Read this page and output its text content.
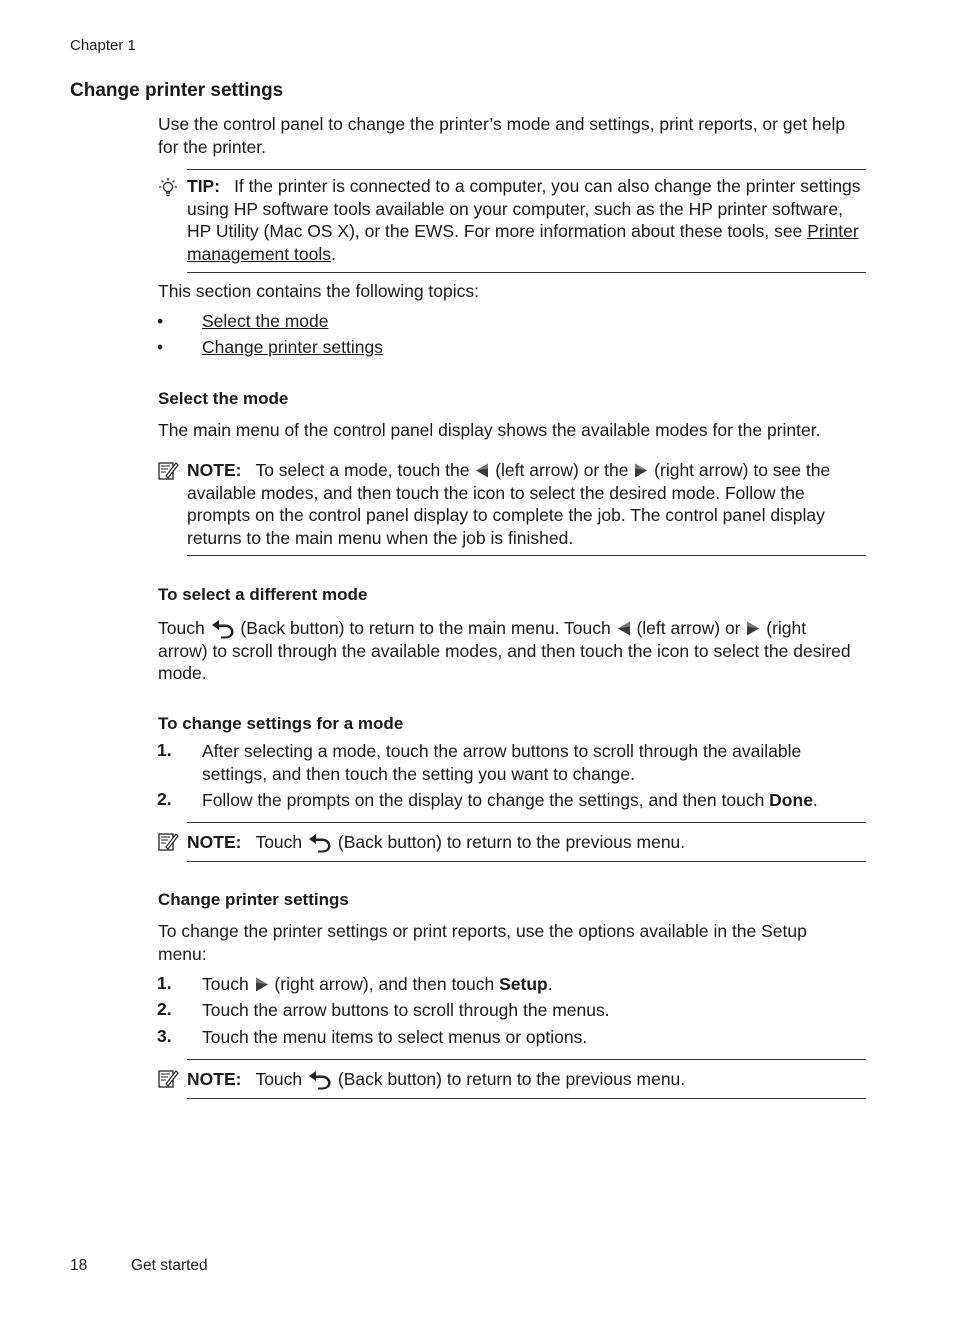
Chapter 1
Change printer settings
Use the control panel to change the printer’s mode and settings, print reports, or get help for the printer.
TIP: If the printer is connected to a computer, you can also change the printer settings using HP software tools available on your computer, such as the HP printer software, HP Utility (Mac OS X), or the EWS. For more information about these tools, see Printer management tools.
This section contains the following topics:
• Select the mode
• Change printer settings
Select the mode
The main menu of the control panel display shows the available modes for the printer.
NOTE: To select a mode, touch the  (left arrow) or the  (right arrow) to see the available modes, and then touch the icon to select the desired mode. Follow the prompts on the control panel display to complete the job. The control panel display returns to the main menu when the job is finished.
To select a different mode
Touch  (Back button) to return to the main menu. Touch  (left arrow) or  (right arrow) to scroll through the available modes, and then touch the icon to select the desired mode.
To change settings for a mode
1. After selecting a mode, touch the arrow buttons to scroll through the available settings, and then touch the setting you want to change.
2. Follow the prompts on the display to change the settings, and then touch Done.
NOTE: Touch  (Back button) to return to the previous menu.
Change printer settings
To change the printer settings or print reports, use the options available in the Setup menu:
1. Touch  (right arrow), and then touch Setup.
2. Touch the arrow buttons to scroll through the menus.
3. Touch the menu items to select menus or options.
NOTE: Touch  (Back button) to return to the previous menu.
18	Get started
